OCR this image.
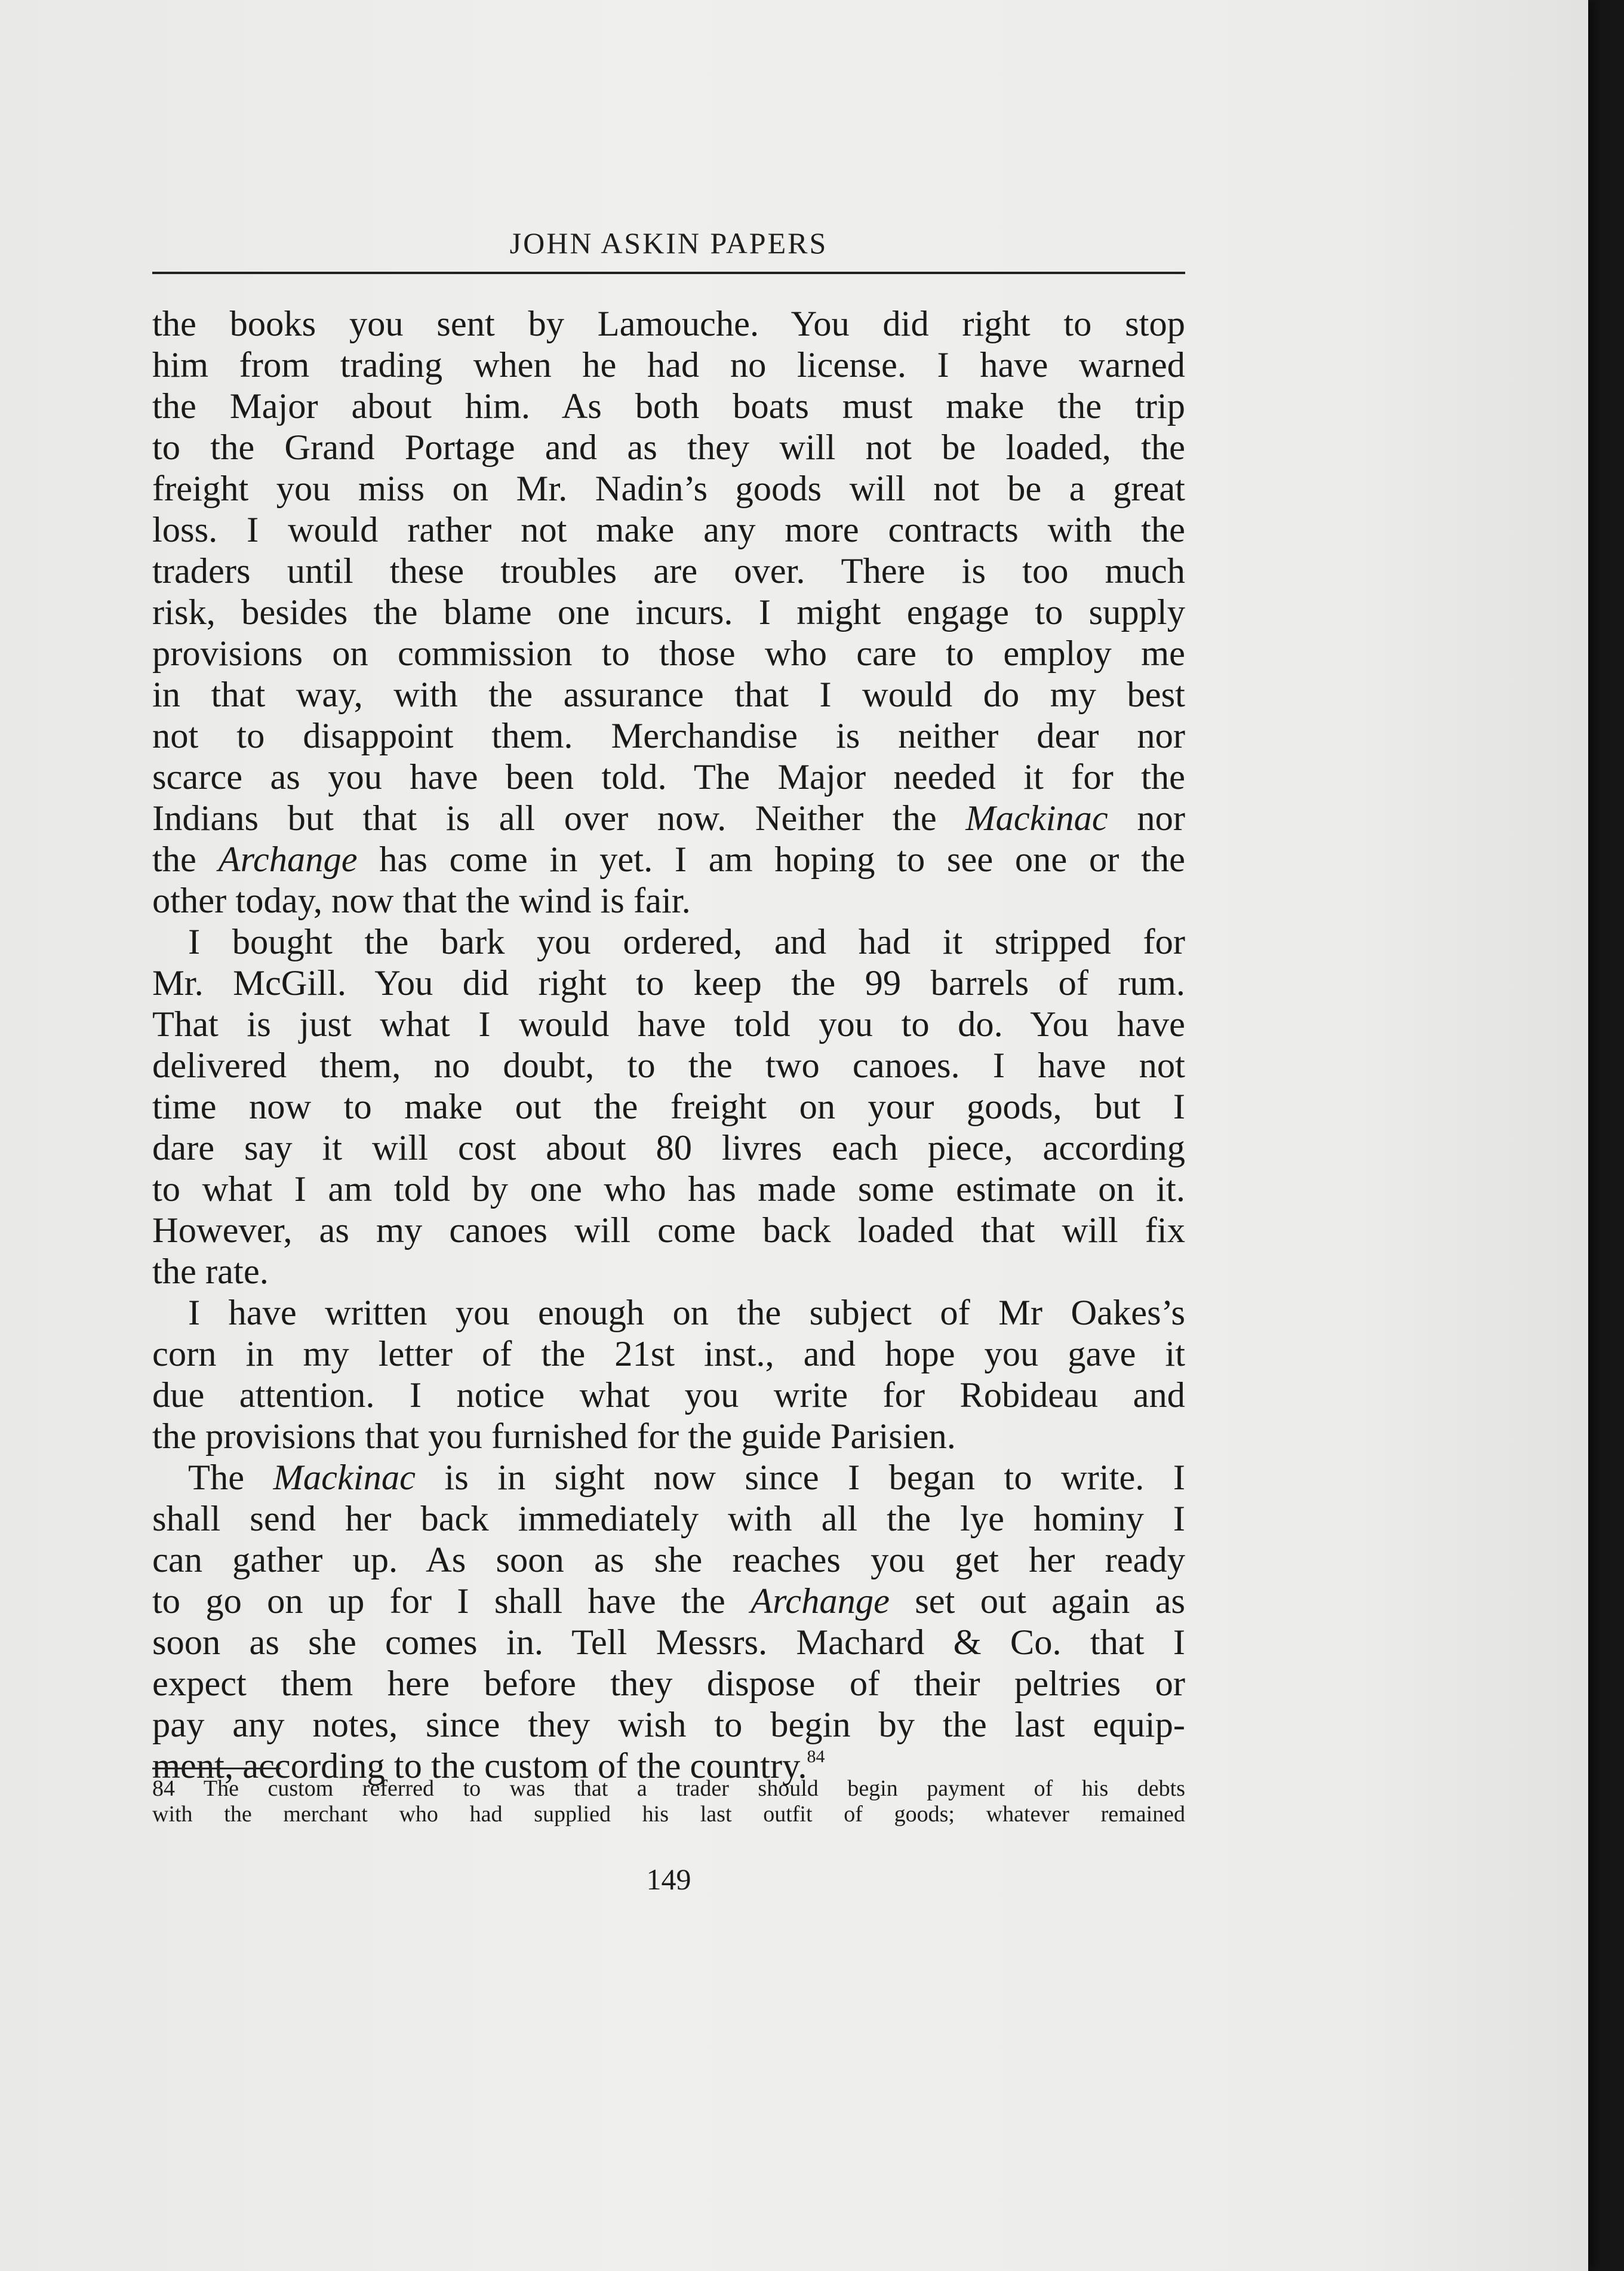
JOHN ASKIN PAPERS
the books you sent by Lamouche. You did right to stop
him from trading when he had no license. I have warned
the Major about him. As both boats must make the trip
to the Grand Portage and as they will not be loaded, the
freight you miss on Mr. Nadin’s goods will not be a great
loss. I would rather not make any more contracts with the
traders until these troubles are over. There is too much
risk, besides the blame one incurs. I might engage to supply
provisions on commission to those who care to employ me
in that way, with the assurance that I would do my best
not to disappoint them. Merchandise is neither dear nor
scarce as you have been told. The Major needed it for the
Indians but that is all over now. Neither the Mackinac nor
the Archange has come in yet. I am hoping to see one or the
other today, now that the wind is fair.
I bought the bark you ordered, and had it stripped for
Mr. McGill. You did right to keep the 99 barrels of rum.
That is just what I would have told you to do. You have
delivered them, no doubt, to the two canoes. I have not
time now to make out the freight on your goods, but I
dare say it will cost about 80 livres each piece, according
to what I am told by one who has made some estimate on it.
However, as my canoes will come back loaded that will fix
the rate.
I have written you enough on the subject of Mr Oakes’s
corn in my letter of the 21st inst., and hope you gave it
due attention. I notice what you write for Robideau and
the provisions that you furnished for the guide Parisien.
The Mackinac is in sight now since I began to write. I
shall send her back immediately with all the lye hominy I
can gather up. As soon as she reaches you get her ready
to go on up for I shall have the Archange set out again as
soon as she comes in. Tell Messrs. Machard & Co. that I
expect them here before they dispose of their peltries or
pay any notes, since they wish to begin by the last equip-
ment, according to the custom of the country.$^{84}$
84 The custom referred to was that a trader should begin payment of his debts
with the merchant who had supplied his last outfit of goods; whatever remained
149
